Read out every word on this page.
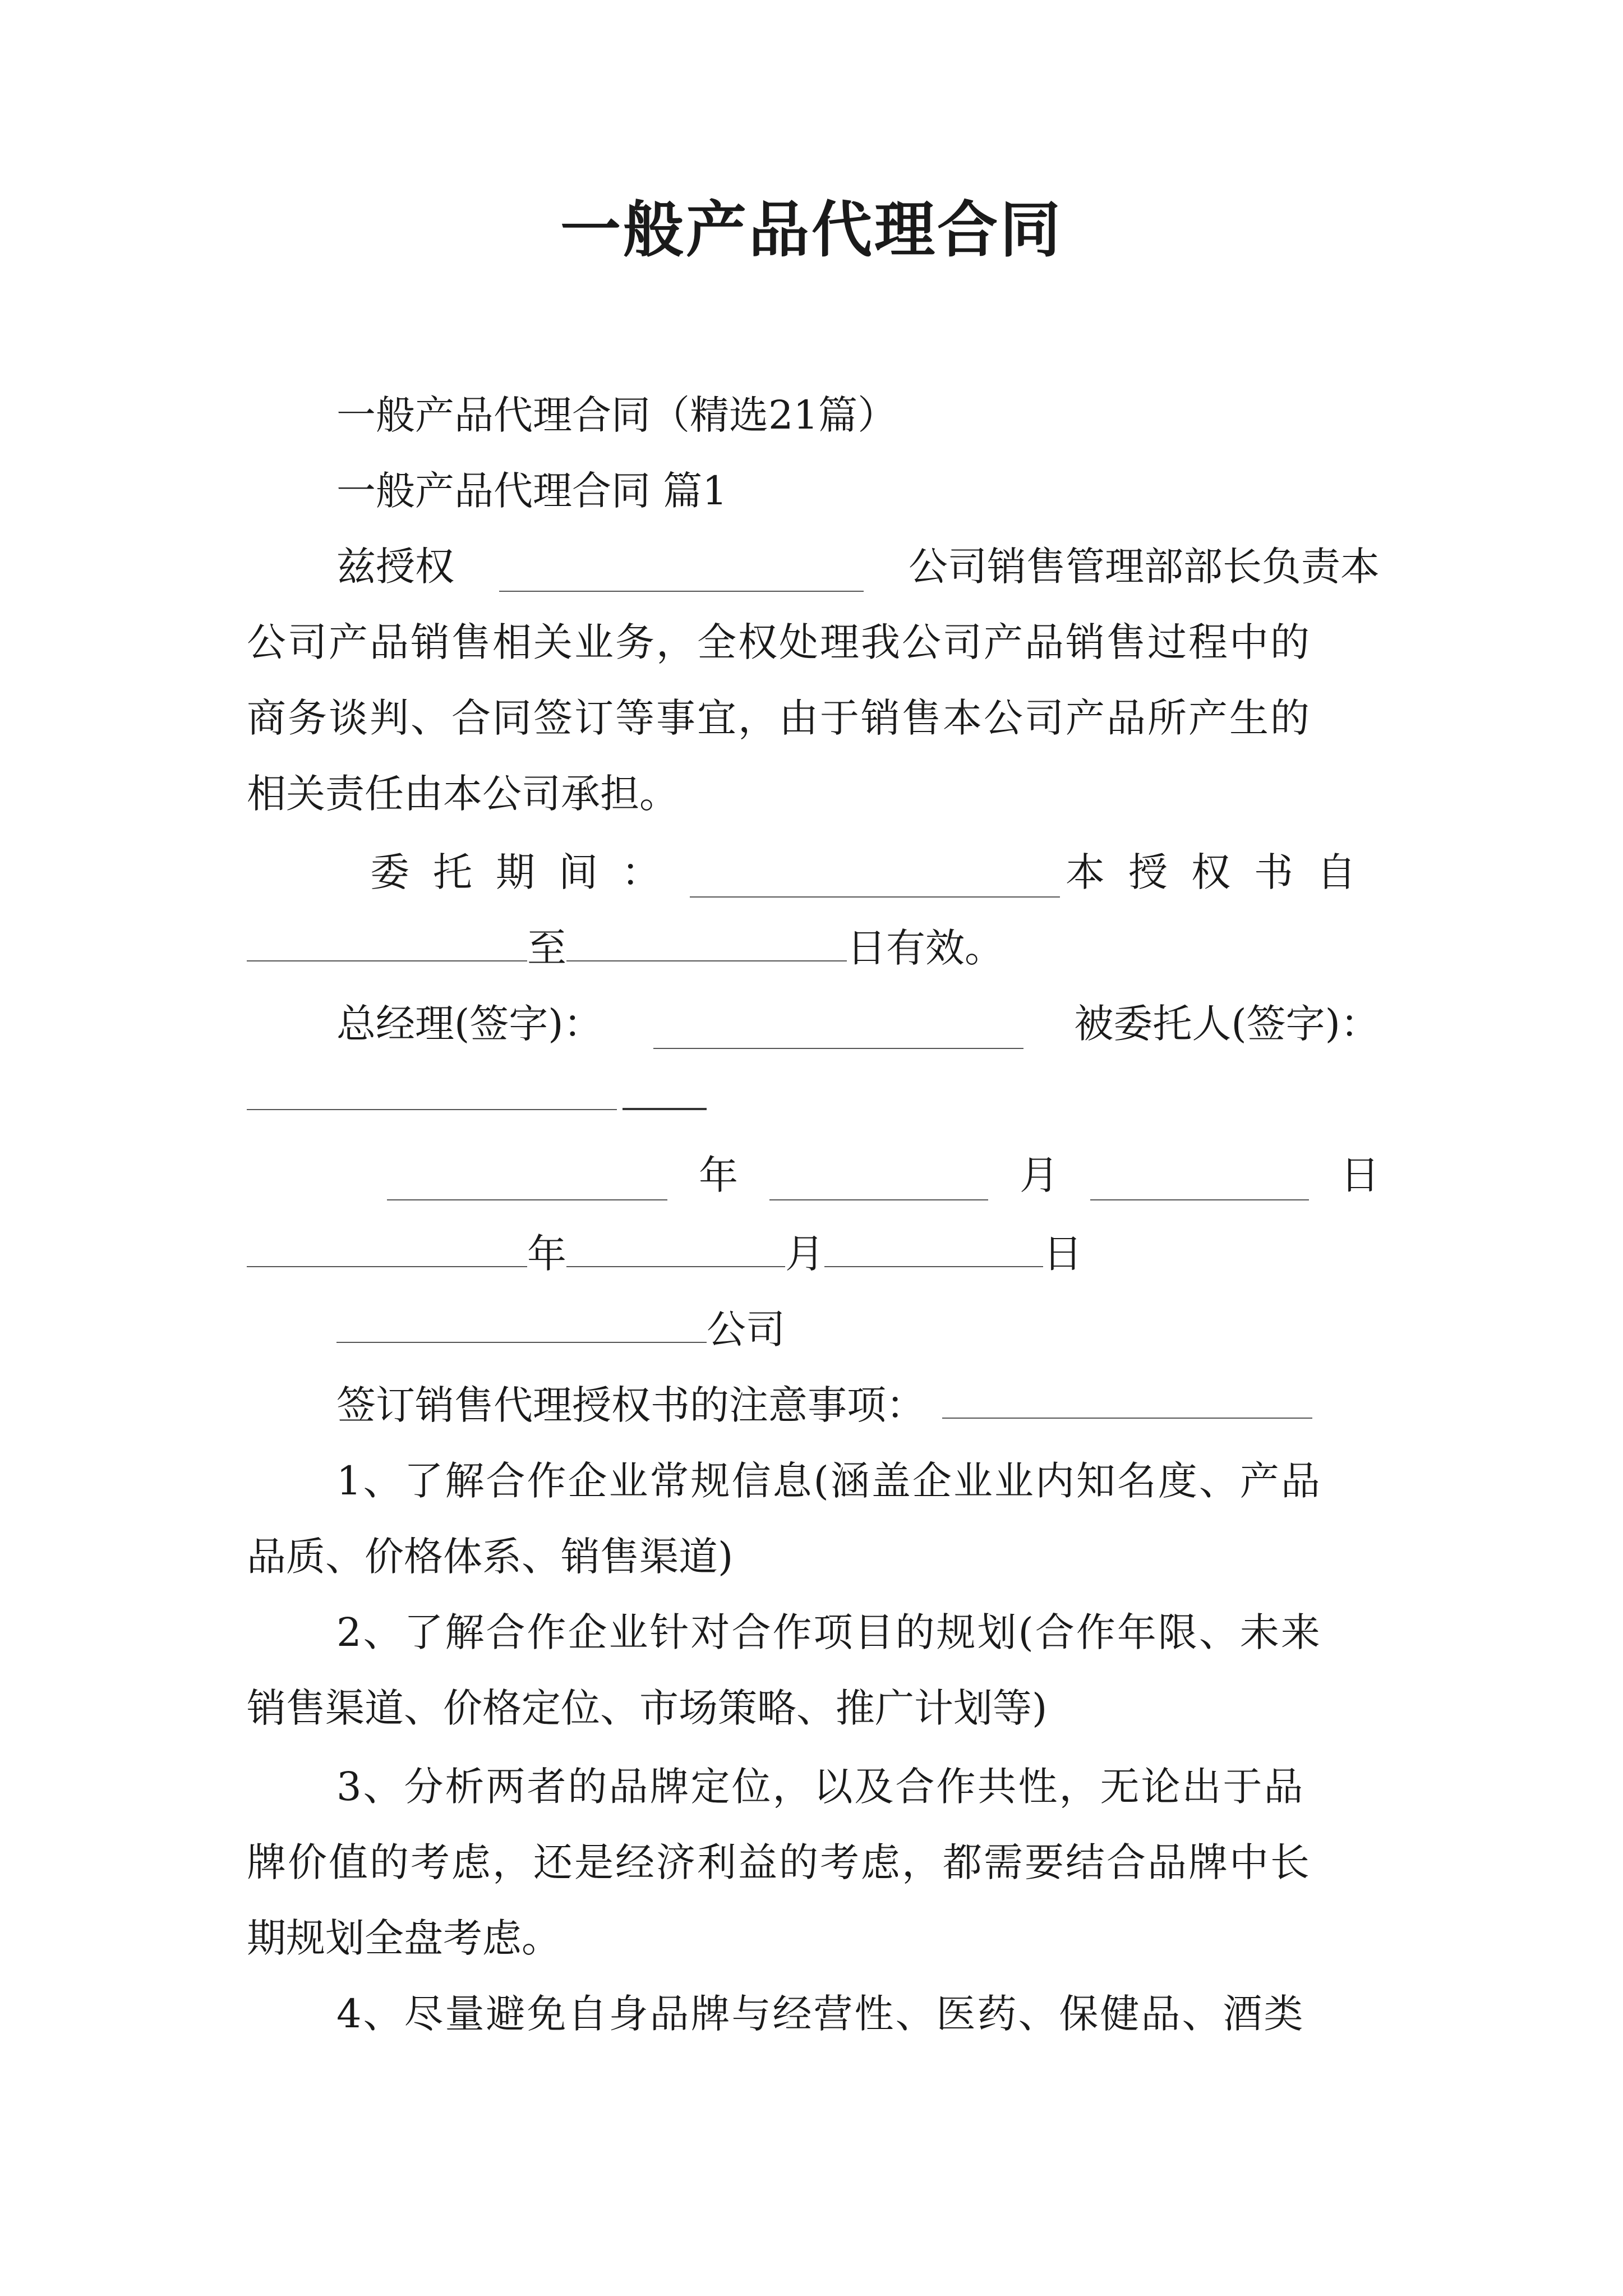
一般产品代理合同
一般产品代理合同（精选21篇）
一般产品代理合同 篇1
兹授权	公司销售管理部部长负责本
公司产品销售相关业务，全权处理我公司产品销售过程中的
商务谈判、合同签订等事宜，由于销售本公司产品所产生的
相关责任由本公司承担。
委托期间：	本授权书自
至	日有效。
总经理(签字)：	被委托人(签字)：
年	月	日
年	月	日
公司
签订销售代理授权书的注意事项：
1、了解合作企业常规信息(涵盖企业业内知名度、产品
品质、价格体系、销售渠道)
2、了解合作企业针对合作项目的规划(合作年限、未来
销售渠道、价格定位、市场策略、推广计划等)
3、分析两者的品牌定位，以及合作共性，无论出于品
牌价值的考虑，还是经济利益的考虑，都需要结合品牌中长
期规划全盘考虑。
4、尽量避免自身品牌与经营性、医药、保健品、酒类
